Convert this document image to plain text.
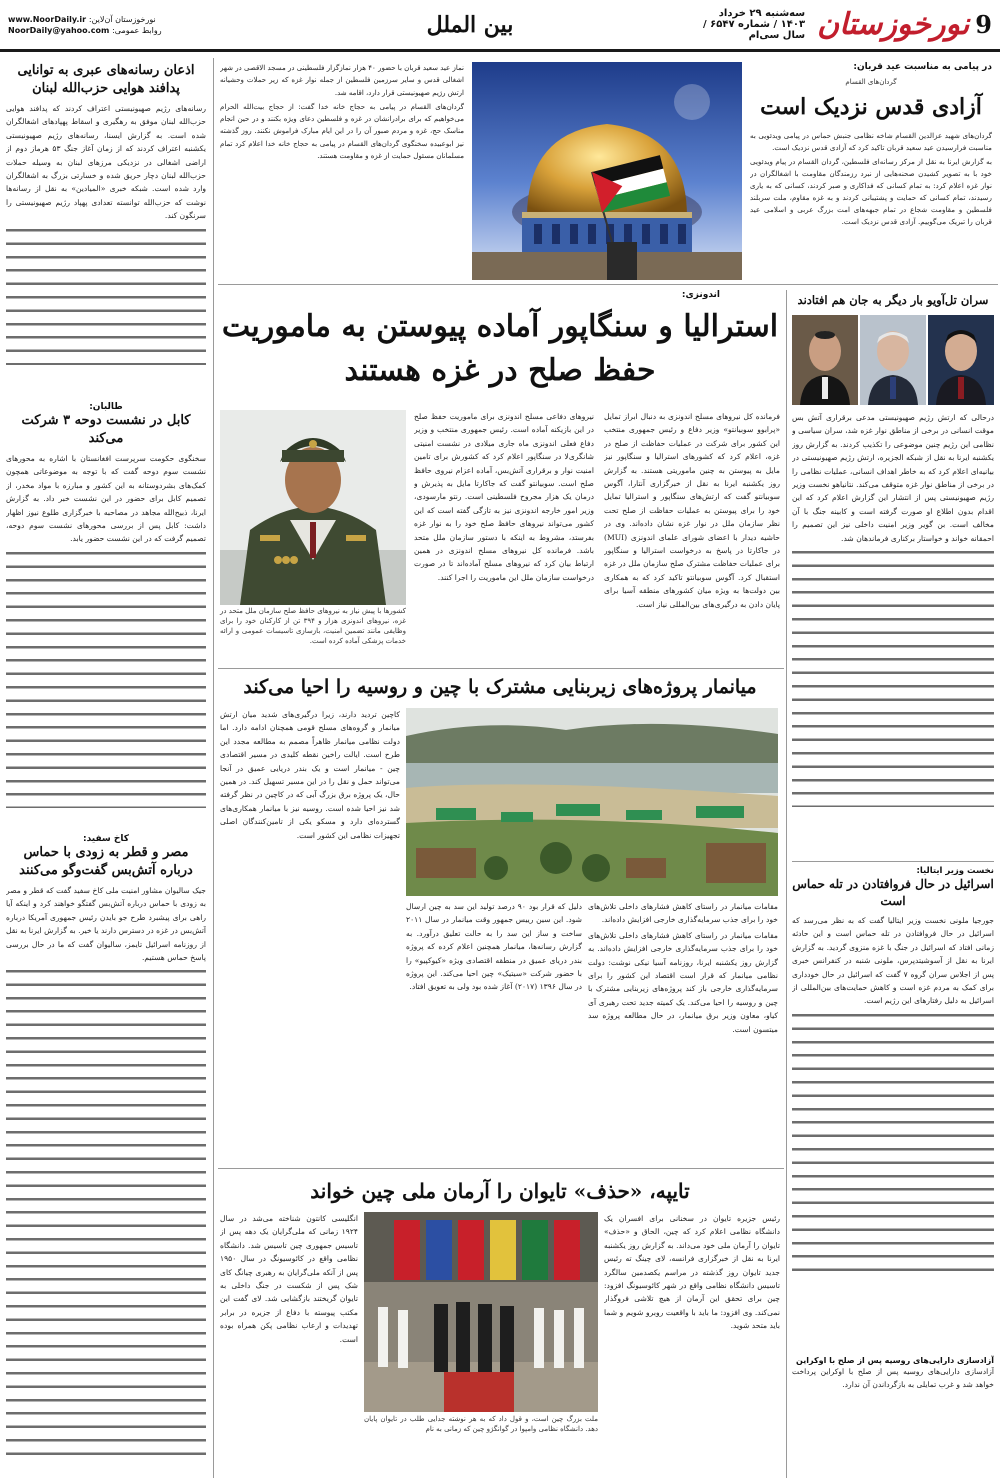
9
نورخوزستان
سه‌شنبه ۲۹ خرداد ۱۴۰۳ / شماره ۶۵۴۷ / سال سی‌ام
بین الملل
www.NoorDaily.ir :نورخوزستان آن‌لاین
NoorDaily@yahoo.com :روابط عمومی
در پیامی به مناسبت عید قربان:
گردان‌های القسام
آزادی قدس نزدیک است

گردان‌های شهید عزالدین القسام شاخه نظامی جنبش حماس در پیامی ویدئویی به مناسبت فرارسیدن عید سعید قربان تاکید کرد که آزادی قدس نزدیک است.

به گزارش ایرنا به نقل از مرکز رسانه‌ای فلسطین، گردان القسام در پیام ویدئویی خود با به تصویر کشیدن صحنه‌هایی از نبرد رزمندگان مقاومت با اشغالگران در نوار غزه اعلام کرد: به تمام کسانی که فداکاری و صبر کردند، کسانی که به یاری رسیدند، تمام کسانی که حمایت و پشتیبانی کردند و به غزه مقاوم، ملت سربلند فلسطین و مقاومت شجاع در تمام جبهه‌های امت بزرگ عربی و اسلامی عید قربان را تبریک می‌گوییم. آزادی قدس نزدیک است.

نماز عید سعید قربان با حضور ۴۰ هزار نمازگزار فلسطینی در مسجد الاقصی در شهر اشغالی قدس و سایر سرزمین فلسطین از جمله نوار غزه که زیر حملات وحشیانه ارتش رژیم صهیونیستی قرار دارد، اقامه شد.

گردان‌های القسام در پیامی به حجاج خانه خدا گفت: از حجاج بیت‌الله الحرام می‌خواهیم که برای برادرانشان در غزه و فلسطین دعای ویژه بکنند و در حین انجام مناسک حج، غزه و مردم صبور آن را در این ایام مبارک فراموش نکنند. روز گذشته نیز ابوعبیده سخنگوی گردان‌های القسام در پیامی به حجاج خانه خدا اعلام کرد تمام مسلمانان مسئول حمایت از غزه و مقاومت هستند.

اندونزی:
استرالیا و سنگاپور آماده پیوستن به ماموریت
حفظ صلح در غزه هستند
فرمانده کل نیروهای مسلح اندونزی به دنبال ابراز تمایل «پرابوو سوبیانتو» وزیر دفاع و رئیس جمهوری منتخب این کشور برای شرکت در عملیات حفاظت از صلح در غزه، اعلام کرد که کشورهای استرالیا و سنگاپور نیز مایل به پیوستن به چنین ماموریتی هستند. به گزارش روز یکشنبه ایرنا به نقل از خبرگزاری آنتارا، آگوس سوبیانتو گفت که ارتش‌های سنگاپور و استرالیا تمایل خود را برای پیوستن به عملیات حفاظت از صلح تحت نظر سازمان ملل در نوار غزه نشان داده‌اند. وی در حاشیه دیدار با اعضای شورای علمای اندونزی (MUI) در جاکارتا در پاسخ به درخواست استرالیا و سنگاپور برای عملیات حفاظت مشترک صلح سازمان ملل در غزه استقبال کرد. آگوس سوبیانتو تاکید کرد که به همکاری بین دولت‌ها به ویژه میان کشورهای منطقه آسیا برای پایان دادن به درگیری‌های بین‌المللی نیاز است.
نیروهای دفاعی مسلح اندونزی برای ماموریت حفظ صلح در این بازیکنه آماده است. رئیس جمهوری منتخب و وزیر دفاع فعلی اندونزی ماه جاری میلادی در نشست امنیتی شانگری‌لا در سنگاپور اعلام کرد که کشورش برای تامین امنیت نوار و برقراری آتش‌بس، آماده اعزام نیروی حافظ صلح است. سوبیانتو گفت که جاکارتا مایل به پذیرش و درمان یک هزار مجروح فلسطینی است. رنتو مارسودی، وزیر امور خارجه اندونزی نیز به تازگی گفته است که این کشور می‌تواند نیروهای حافظ صلح خود را به نوار غزه بفرستد، مشروط به اینکه با دستور سازمان ملل متحد باشد. فرمانده کل نیروهای مسلح اندونزی در همین ارتباط بیان کرد که نیروهای مسلح آماده‌اند تا در صورت درخواست سازمان ملل این ماموریت را اجرا کنند.
کشورها با پیش نیاز به نیروهای حافظ صلح سازمان ملل متحد در غزه، نیروهای اندونزی هزار و ۳۹۴ تن از کارکنان خود را برای وظایفی مانند تضمین امنیت، بازسازی تاسیسات عمومی و ارائه خدمات پزشکی آماده کرده است.
میانمار پروژه‌های زیربنایی مشترک با چین و روسیه را احیا می‌کند

مقامات میانمار در راستای کاهش فشارهای داخلی تلاش‌های خود را برای جذب سرمایه‌گذاری خارجی افزایش داده‌اند.

مقامات میانمار در راستای کاهش فشارهای داخلی تلاش‌های خود را برای جذب سرمایه‌گذاری خارجی افزایش داده‌اند. به گزارش روز یکشنبه ایرنا، روزنامه آسیا نیکی نوشت: دولت نظامی میانمار که قرار است اقتصاد این کشور را برای سرمایه‌گذاری خارجی باز کند پروژه‌های زیربنایی مشترک با چین و روسیه را احیا می‌کند. یک کمیته جدید تحت رهبری آی کیاو، معاون وزیر برق میانمار، در حال مطالعه پروژه سد میتسون است.

دلیل که قرار بود ۹۰ درصد تولید این سد به چین ارسال شود. این سین رییس جمهور وقت میانمار در سال ۲۰۱۱ ساخت و ساز این سد را به حالت تعلیق درآورد. به گزارش رسانه‌ها، میانمار همچنین اعلام کرده که پروژه بندر دریای عمیق در منطقه اقتصادی ویژه «کیوکپیو» را با حضور شرکت «سیتیک» چین احیا می‌کند. این پروژه در سال ۱۳۹۶ (۲۰۱۷) آغاز شده بود ولی به تعویق افتاد.
کاچین تردید دارند، زیرا درگیری‌های شدید میان ارتش میانمار و گروه‌های مسلح قومی همچنان ادامه دارد. اما دولت نظامی میانمار ظاهراً مصمم به مطالعه مجدد این طرح است. ایالت راخین نقطه کلیدی در مسیر اقتصادی چین - میانمار است و یک بندر دریایی عمیق در آنجا می‌تواند حمل و نقل را در این مسیر تسهیل کند. در همین حال، یک پروژه برق بزرگ آبی که در کاچین در نظر گرفته شد نیز احیا شده است. روسیه نیز با میانمار همکاری‌های گسترده‌ای دارد و مسکو یکی از تامین‌کنندگان اصلی تجهیزات نظامی این کشور است.
تایپه، «حذف» تایوان را آرمان ملی چین خواند
رئیس جزیره تایوان در سخنانی برای افسران یک دانشگاه نظامی اعلام کرد که چین، الحاق و «حذف» تایوان را آرمان ملی خود می‌داند. به گزارش روز یکشنبه ایرنا به نقل از خبرگزاری فرانسه، لای چینگ ته رئیس جدید تایوان روز گذشته در مراسم یکصدمین سالگرد تاسیس دانشگاه نظامی واقع در شهر کائوسیونگ افزود: چین برای تحقق این آرمان از هیچ تلاشی فروگذار نمی‌کند. وی افزود: ما باید با واقعیت روبرو شویم و شما باید متحد شوید.
ملت بزرگ چین است، و قول داد که به هر نوشته جدایی طلب در تایوان پایان دهد. دانشگاه نظامی وامپوا در گوانگژو چین که زمانی به نام
انگلیسی کانتون شناخته می‌شد در سال ۱۹۲۴ زمانی که ملی‌گرایان یک دهه پس از تاسیس جمهوری چین تاسیس شد. دانشگاه نظامی واقع در کائوسیونگ در سال ۱۹۵۰ پس از آنکه ملی‌گرایان به رهبری چیانگ کای شک پس از شکست در جنگ داخلی به تایوان گریختند بازگشایی شد. لای گفت این مکتب پیوسته با دفاع از جزیره در برابر تهدیدات و ارعاب نظامی پکن همراه بوده است.
اذعان رسانه‌های عبری به توانایی پدافند هوایی حزب‌الله لبنان

رسانه‌های رژیم صهیونیستی اعتراف کردند که پدافند هوایی حزب‌الله لبنان موفق به رهگیری و اسقاط پهپادهای اشغالگران شده است. به گزارش ایسنا، رسانه‌های رژیم صهیونیستی یکشنبه اعتراف کردند که از زمان آغاز جنگ ۵۳ هرماز دوم از اراضی اشغالی در نزدیکی مرزهای لبنان به وسیله حملات حزب‌الله لبنان دچار حریق شده و خسارتی بزرگ به اشغالگران وارد شده است. شبکه خبری «المیادین» به نقل از رسانه‌ها نوشت که حزب‌الله توانسته تعدادی پهپاد رژیم صهیونیستی را سرنگون کند.

طالبان:
کابل در نشست دوحه ۳ شرکت می‌کند

سخنگوی حکومت سرپرست افغانستان با اشاره به محورهای نشست سوم دوحه گفت که با توجه به موضوعاتی همچون کمک‌های بشردوستانه به این کشور و مبارزه با مواد مخدر، از تصمیم کابل برای حضور در این نشست خبر داد. به گزارش ایرنا، ذبیح‌الله مجاهد در مصاحبه با خبرگزاری طلوع نیوز اظهار داشت: کابل پس از بررسی محورهای نشست سوم دوحه، تصمیم گرفت که در این نشست حضور یابد.

کاخ سفید:
مصر و قطر به زودی با حماس درباره آتش‌بس گفت‌وگو می‌کنند

جیک سالیوان مشاور امنیت ملی کاخ سفید گفت که قطر و مصر به زودی با حماس درباره آتش‌بس گفتگو خواهند کرد و اینکه آیا راهی برای پیشبرد طرح جو بایدن رئیس جمهوری آمریکا درباره آتش‌بس در غزه در دسترس دارند یا خیر. به گزارش ایرنا به نقل از روزنامه اسرائیل تایمز، سالیوان گفت که ما در حال بررسی پاسخ حماس هستیم.

سران تل‌آویو بار دیگر به جان هم افتادند

درحالی که ارتش رژیم صهیونیستی مدعی برقراری آتش بس موقت انسانی در برخی از مناطق نوار غزه شد، سران سیاسی و نظامی این رژیم چنین موضوعی را تکذیب کردند. به گزارش روز یکشنبه ایرنا به نقل از شبکه الجزیره، ارتش رژیم صهیونیستی در بیانیه‌ای اعلام کرد که به خاطر اهداف انسانی، عملیات نظامی را در برخی از مناطق نوار غزه متوقف می‌کند. نتانیاهو نخست وزیر رژیم صهیونیستی پس از انتشار این گزارش اعلام کرد که این اقدام بدون اطلاع او صورت گرفته است و کابینه جنگ با آن مخالف است. بن گویر وزیر امنیت داخلی نیز این تصمیم را احمقانه خواند و خواستار برکناری فرماندهان شد.

نخست وزیر ایتالیا:
اسرائیل در حال فروافتادن در تله حماس است

جورجیا ملونی نخست وزیر ایتالیا گفت که به نظر می‌رسد که اسرائیل در حال فروافتادن در تله حماس است و این حادثه زمانی افتاد که اسرائیل در جنگ با غزه منزوی گردید. به گزارش ایرنا به نقل از آسوشیتدپرس، ملونی شنبه در کنفرانس خبری پس از اجلاس سران گروه ۷ گفت که اسرائیل در حال خودداری برای کمک به مردم غزه است و کاهش حمایت‌های بین‌المللی از اسرائیل به دلیل رفتارهای این رژیم است.

آزادسازی دارایی‌های روسیه پس از صلح با اوکراین
آزادسازی دارایی‌های روسیه پس از صلح با اوکراین پرداخت خواهد شد و غرب تمایلی به بازگرداندن آن ندارد.
